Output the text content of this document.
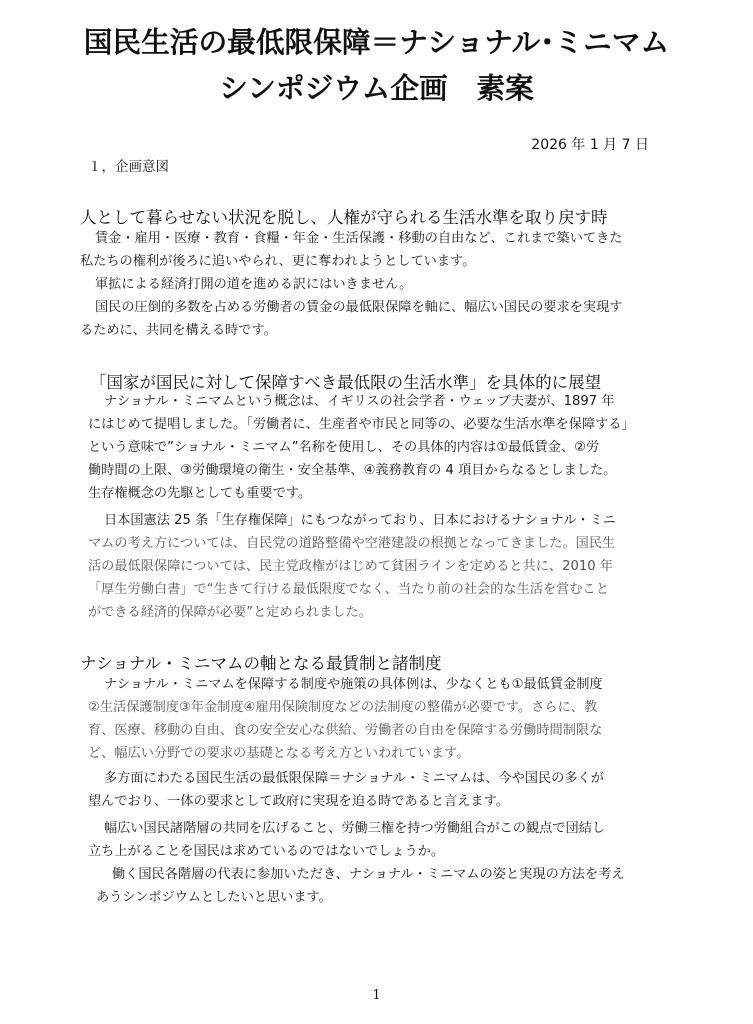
国民生活の最低限保障＝ナショナル･ミニマム
シンポジウム企画　素案
2026 年 1 月 7 日
１，企画意図
人として暮らせない状況を脱し、人権が守られる生活水準を取り戻す時
賃金・雇用・医療・教育・食糧・年金・生活保護・移動の自由など、これまで築いてきた
私たちの権利が後ろに追いやられ、更に奪われようとしています。
軍拡による経済打開の道を進める訳にはいきません。
国民の圧倒的多数を占める労働者の賃金の最低限保障を軸に、幅広い国民の要求を実現す
るために、共同を構える時です。
「国家が国民に対して保障すべき最低限の生活水準」を具体的に展望
ナショナル・ミニマムという概念は、イギリスの社会学者・ウェッブ夫妻が、1897 年
にはじめて提唱しました。「労働者に、生産者や市民と同等の、必要な生活水準を保障する」
という意味で”ショナル・ミニマム”名称を使用し、その具体的内容は①最低賃金、②労
働時間の上限、③労働環境の衛生・安全基準、④義務教育の 4 項目からなるとしました。
生存権概念の先駆としても重要です。
日本国憲法 25 条「生存権保障」にもつながっており、日本におけるナショナル・ミニ
マムの考え方については、自民党の道路整備や空港建設の根拠となってきました。国民生
活の最低限保障については、民主党政権がはじめて貧困ラインを定めると共に、2010 年
「厚生労働白書」で“生きて行ける最低限度でなく、当たり前の社会的な生活を営むこと
ができる経済的保障が必要”と定められました。
ナショナル・ミニマムの軸となる最賃制と諸制度
ナショナル・ミニマムを保障する制度や施策の具体例は、少なくとも①最低賃金制度
②生活保護制度③年金制度④雇用保険制度などの法制度の整備が必要です。さらに、教
育、医療、移動の自由、食の安全安心な供給、労働者の自由を保障する労働時間制限な
ど、幅広い分野での要求の基礎となる考え方といわれています。
多方面にわたる国民生活の最低限保障＝ナショナル・ミニマムは、今や国民の多くが
望んでおり、一体の要求として政府に実現を迫る時であると言えます。
幅広い国民諸階層の共同を広げること、労働三権を持つ労働組合がこの観点で団結し
立ち上がることを国民は求めているのではないでしょうか。
働く国民各階層の代表に参加いただき、ナショナル・ミニマムの姿と実現の方法を考え
あうシンポジウムとしたいと思います。
1
